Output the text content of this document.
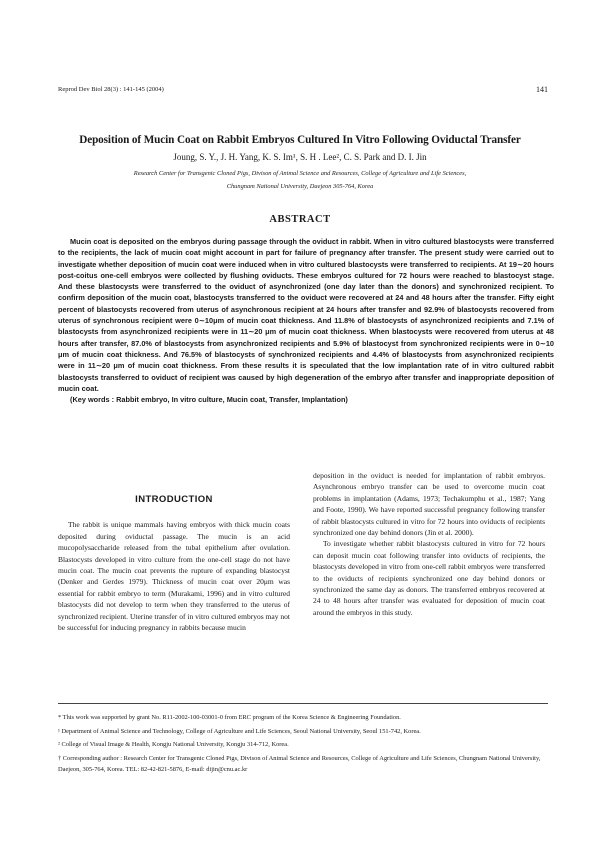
Reprod Dev Biol 28(3) : 141-145 (2004)	141
Deposition of Mucin Coat on Rabbit Embryos Cultured In Vitro Following Oviductal Transfer
Joung, S. Y., J. H. Yang, K. S. Im¹, S. H . Lee², C. S. Park and D. I. Jin
Research Center for Transgenic Cloned Pigs, Divison of Animal Science and Resources, College of Agriculture and Life Sciences,
Chungnam National University, Daejeon 305-764, Korea
ABSTRACT

Mucin coat is deposited on the embryos during passage through the oviduct in rabbit. When in vitro cultured blastocysts were transferred to the recipients, the lack of mucin coat might account in part for failure of pregnancy after transfer. The present study were carried out to investigate whether deposition of mucin coat were induced when in vitro cultured blastocysts were transferred to recipients. At 19∼20 hours post-coitus one-cell embryos were collected by flushing oviducts. These embryos cultured for 72 hours were reached to blastocyst stage. And these blastocysts were transferred to the oviduct of asynchronized (one day later than the donors) and synchronized recipient. To confirm deposition of the mucin coat, blastocysts transferred to the oviduct were recovered at 24 and 48 hours after the transfer. Fifty eight percent of blastocysts recovered from uterus of asynchronous recipient at 24 hours after transfer and 92.9% of blastocysts recovered from uterus of synchronous recipient were 0∼10μm of mucin coat thickness. And 11.8% of blastocysts of asynchronized recipients and 7.1% of blastocysts from asynchronized recipients were in 11∼20 μm of mucin coat thickness. When blastocysts were recovered from uterus at 48 hours after transfer, 87.0% of blastocysts from asynchronized recipients and 5.9% of blastocyst from synchronized recipients were in 0∼10 μm of mucin coat thickness. And 76.5% of blastocysts of synchronized recipients and 4.4% of blastocysts from asynchronized recipients were in 11∼20 μm of mucin coat thickness. From these results it is speculated that the low implantation rate of in vitro cultured rabbit blastocysts transferred to oviduct of recipient was caused by high degeneration of the embryo after transfer and inappropriate deposition of mucin coat.

(Key words : Rabbit embryo, In vitro culture, Mucin coat, Transfer, Implantation)

INTRODUCTION

The rabbit is unique mammals having embryos with thick mucin coats deposited during oviductal passage. The mucin is an acid mucopolysaccharide released from the tubal epithelium after ovulation. Blastocysts developed in vitro culture from the one-cell stage do not have mucin coat. The mucin coat prevents the rupture of expanding blastocyst (Denker and Gerdes 1979). Thickness of mucin coat over 20μm was essential for rabbit embryo to term (Murakami, 1996) and in vitro cultured blastocysts did not develop to term when they transferred to the uterus of synchronized recipient. Uterine transfer of in vitro cultured embryos may not be successful for inducing pregnancy in rabbits because mucin

deposition in the oviduct is needed for implantation of rabbit embryos. Asynchronous embryo transfer can be used to overcome mucin coat problems in implantation (Adams, 1973; Techakumphu et al., 1987; Yang and Foote, 1990). We have reported successful pregnancy following transfer of rabbit blastocysts cultured in vitro for 72 hours into oviducts of recipients synchronized one day behind donors (Jin et al. 2000).

To investigate whether rabbit blastocysts cultured in vitro for 72 hours can deposit mucin coat following transfer into oviducts of recipients, the blastocysts developed in vitro from one-cell rabbit embryos were transferred to the oviducts of recipients synchronized one day behind donors or synchronized the same day as donors. The transferred embryos recovered at 24 to 48 hours after transfer was evaluated for deposition of mucin coat around the embryos in this study.

* This work was supported by grant No. R11-2002-100-03001-0 from ERC program of the Korea Science & Engineering Foundation.
¹ Department of Animal Science and Technology, College of Agriculture and Life Sciences, Seoul National University, Seoul 151-742, Korea.
² College of Visual Image & Health, Kongju National University, Kongju 314-712, Korea.
† Corresponding author : Research Center for Transgenic Cloned Pigs, Divison of Animal Science and Resources, College of Agriculture and Life Sciences, Chungnam National University, Daejeon, 305-764, Korea. TEL: 82-42-821-5876, E-mail: dijin@cnu.ac.kr
